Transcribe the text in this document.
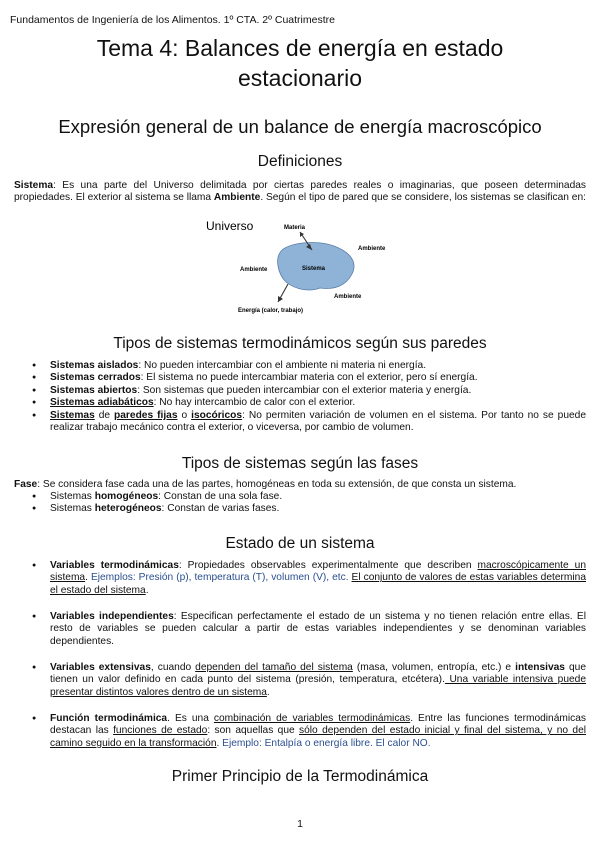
Fundamentos de Ingeniería de los Alimentos. 1º CTA. 2º Cuatrimestre
Tema 4: Balances de energía en estado
estacionario
Expresión general de un balance de energía macroscópico
Definiciones
Sistema: Es una parte del Universo delimitada por ciertas paredes reales o imaginarias, que poseen determinadas propiedades. El exterior al sistema se llama Ambiente. Según el tipo de pared que se considere, los sistemas se clasifican en:
Universo	Materia
Ambiente
Ambiente	Sistema
Ambiente
Energía (calor, trabajo)
Tipos de sistemas termodinámicos según sus paredes
● Sistemas aislados: No pueden intercambiar con el ambiente ni materia ni energía.
● Sistemas cerrados: El sistema no puede intercambiar materia con el exterior, pero sí energía.
● Sistemas abiertos: Son sistemas que pueden intercambiar con el exterior materia y energía.
● Sistemas adiabáticos: No hay intercambio de calor con el exterior.
● Sistemas de paredes fijas o isocóricos: No permiten variación de volumen en el sistema. Por tanto no se puede realizar trabajo mecánico contra el exterior, o viceversa, por cambio de volumen.
Tipos de sistemas según las fases
Fase: Se considera fase cada una de las partes, homogéneas en toda su extensión, de que consta un sistema.
● Sistemas homogéneos: Constan de una sola fase.
● Sistemas heterogéneos: Constan de varias fases.
Estado de un sistema
● Variables termodinámicas: Propiedades observables experimentalmente que describen macroscópicamente un sistema. Ejemplos: Presión (p), temperatura (T), volumen (V), etc. El conjunto de valores de estas variables determina el estado del sistema.
● Variables independientes: Especifican perfectamente el estado de un sistema y no tienen relación entre ellas. El resto de variables se pueden calcular a partir de estas variables independientes y se denominan variables dependientes.
● Variables extensivas, cuando dependen del tamaño del sistema (masa, volumen, entropía, etc.) e intensivas que tienen un valor definido en cada punto del sistema (presión, temperatura, etcétera). Una variable intensiva puede presentar distintos valores dentro de un sistema.
● Función termodinámica. Es una combinación de variables termodinámicas. Entre las funciones termodinámicas destacan las funciones de estado: son aquellas que sólo dependen del estado inicial y final del sistema, y no del camino seguido en la transformación. Ejemplo: Entalpía o energía libre. El calor NO.
Primer Principio de la Termodinámica
1
